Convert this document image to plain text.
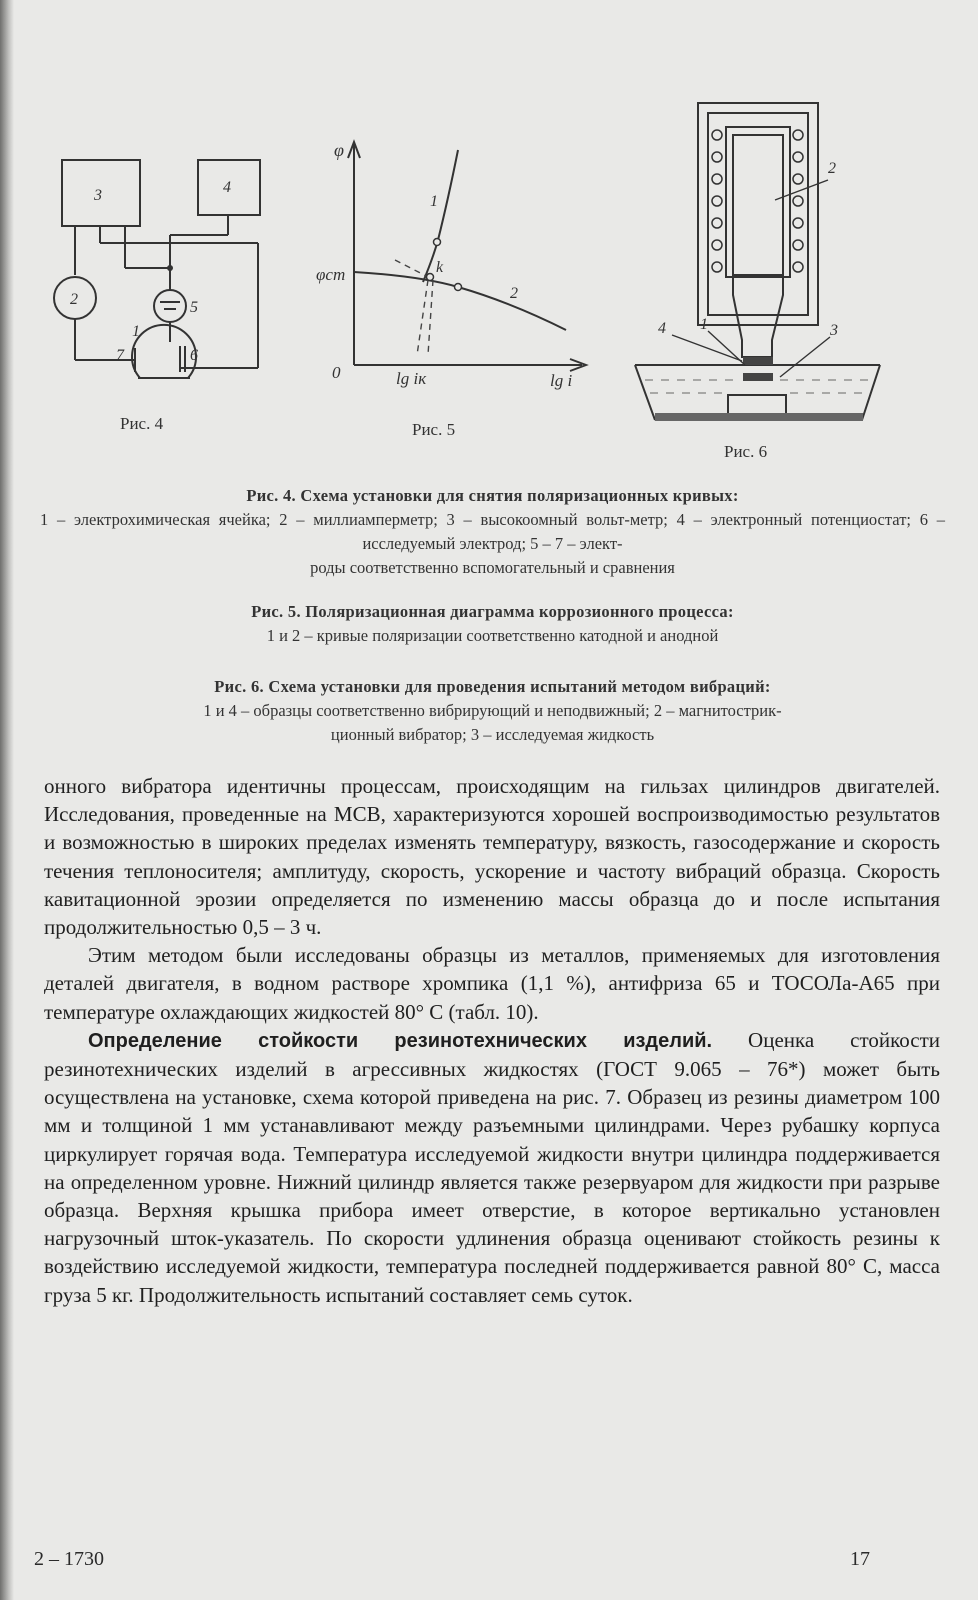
3	4
2	5
1
7	6
Рис. 4
φ
φст
0	lg iк	lg i
k
1
2
Рис. 5
2
4 1	3
Рис. 6
Рис. 4. Схема установки для снятия поляризационных кривых:
1 – электрохимическая ячейка; 2 – миллиамперметр; 3 – высокоомный вольт-метр; 4 – электронный потенциостат; 6 – исследуемый электрод; 5 – 7 – элект-
роды соответственно вспомогательный и сравнения
Рис. 5. Поляризационная диаграмма коррозионного процесса:
1 и 2 – кривые поляризации соответственно катодной и анодной
Рис. 6. Схема установки для проведения испытаний методом вибраций:
1 и 4 – образцы соответственно вибрирующий и неподвижный; 2 – магнитострик-
ционный вибратор; 3 – исследуемая жидкость

онного вибратора идентичны процессам, происходящим на гильзах цилиндров двигателей. Исследования, проведенные на МСВ, характеризуются хорошей воспроизводимостью результатов и возможностью в широких пределах изменять температуру, вязкость, газосодержание и скорость течения теплоносителя; амплитуду, скорость, ускорение и частоту вибраций образца. Скорость кавитационной эрозии определяется по изменению массы образца до и после испытания продолжительностью 0,5 – 3 ч.

Этим методом были исследованы образцы из металлов, применяемых для изготовления деталей двигателя, в водном растворе хромпика (1,1 %), антифриза 65 и ТОСОЛа-А65 при температуре охлаждающих жидкостей 80° С (табл. 10).

Определение стойкости резинотехнических изделий. Оценка стойкости резинотехнических изделий в агрессивных жидкостях (ГОСТ 9.065 – 76*) может быть осуществлена на установке, схема которой приведена на рис. 7. Образец из резины диаметром 100 мм и толщиной 1 мм устанавливают между разъемными цилиндрами. Через рубашку корпуса циркулирует горячая вода. Температура исследуемой жидкости внутри цилиндра поддерживается на определенном уровне. Нижний цилиндр является также резервуаром для жидкости при разрыве образца. Верхняя крышка прибора имеет отверстие, в которое вертикально установлен нагрузочный шток-указатель. По скорости удлинения образца оценивают стойкость резины к воздействию исследуемой жидкости, температура последней поддерживается равной 80° С, масса груза 5 кг. Продолжительность испытаний составляет семь суток.

2 – 1730	17
